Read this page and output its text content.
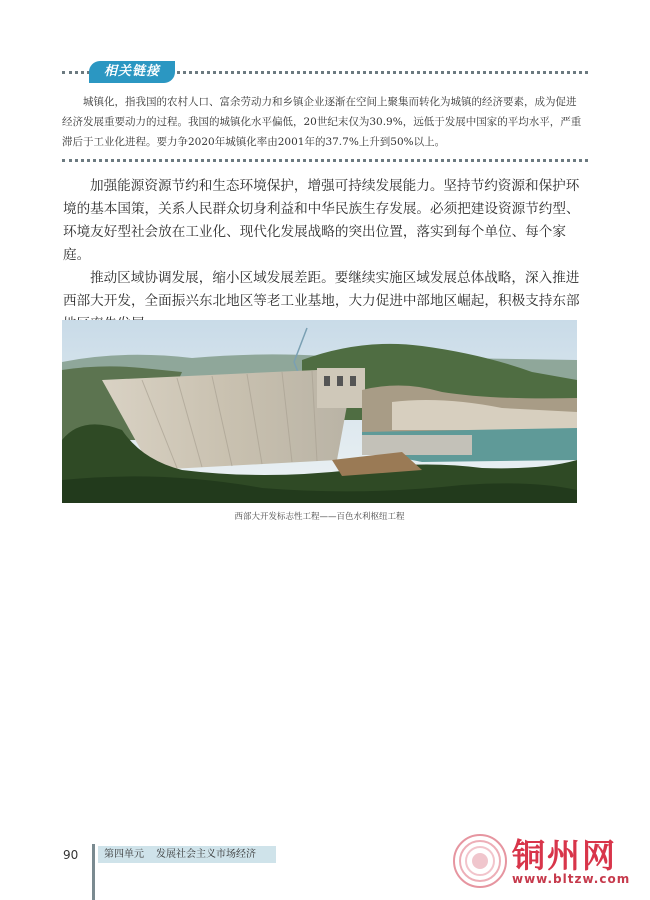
相关链接

城镇化，指我国的农村人口、富余劳动力和乡镇企业逐渐在空间上聚集而转化为城镇的经济要素，成为促进经济发展重要动力的过程。我国的城镇化水平偏低，20世纪末仅为30.9%，远低于发展中国家的平均水平，严重滞后于工业化进程。要力争2020年城镇化率由2001年的37.7%上升到50%以上。

加强能源资源节约和生态环境保护，增强可持续发展能力。坚持节约资源和保护环境的基本国策，关系人民群众切身利益和中华民族生存发展。必须把建设资源节约型、环境友好型社会放在工业化、现代化发展战略的突出位置，落实到每个单位、每个家庭。

推动区域协调发展，缩小区域发展差距。要继续实施区域发展总体战略，深入推进西部大开发，全面振兴东北地区等老工业基地，大力促进中部地区崛起，积极支持东部

西部大开发标志性工程——百色水利枢纽工程
90	第四单元 发展社会主义市场经济	铜州网
www.bltzw.com
